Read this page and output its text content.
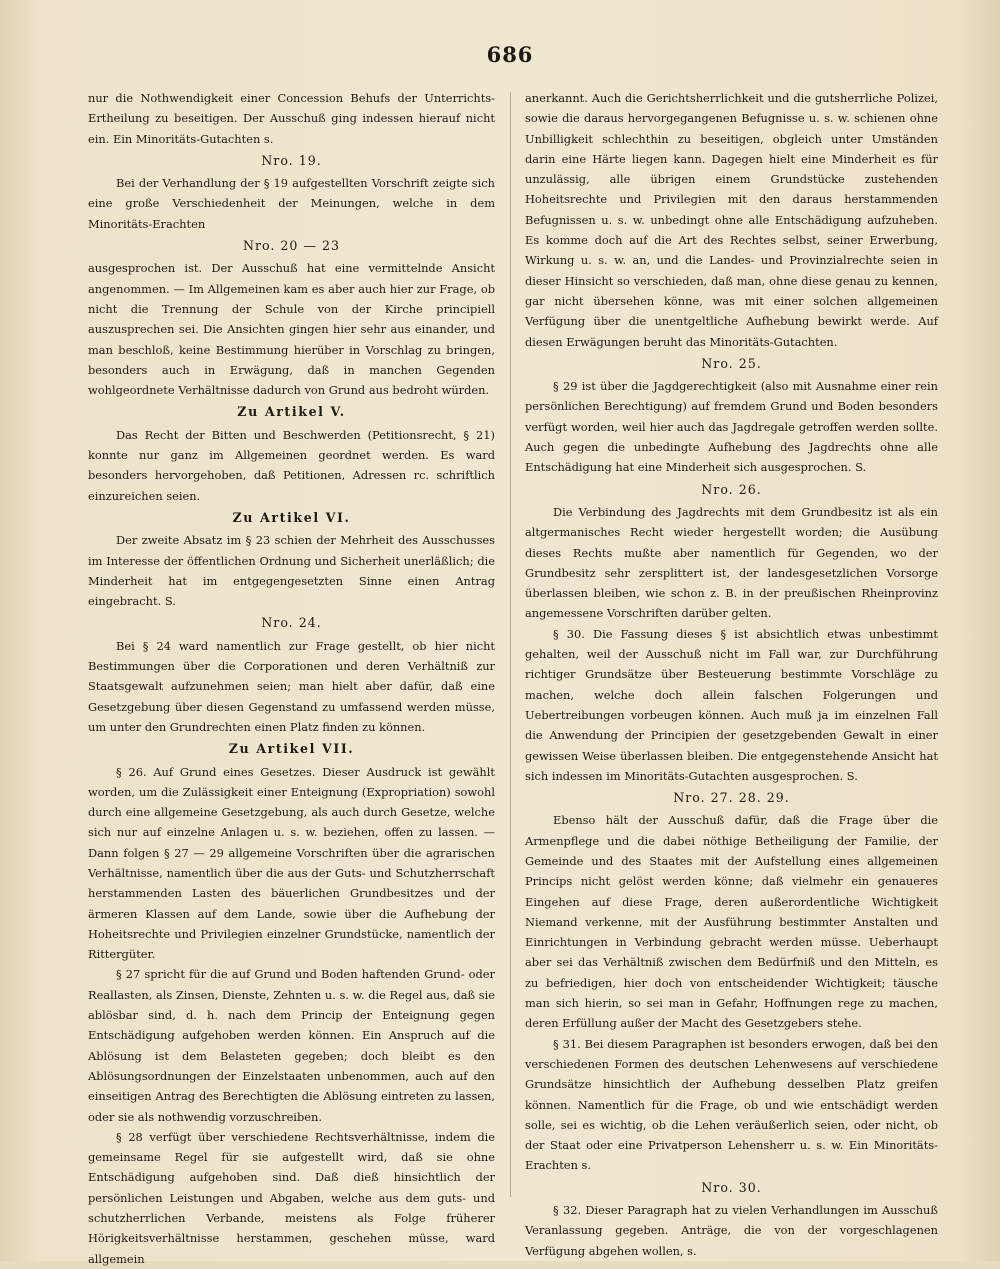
686

nur die Nothwendigkeit einer Concession Behufs der Unterrichts-Ertheilung zu beseitigen. Der Ausschuß ging indessen hierauf nicht ein. Ein Minoritäts-Gutachten s.

Nro. 19.

Bei der Verhandlung der § 19 aufgestellten Vorschrift zeigte sich eine große Verschiedenheit der Meinungen, welche in dem Minoritäts-Erachten

Nro. 20 — 23

ausgesprochen ist. Der Ausschuß hat eine vermittelnde Ansicht angenommen. — Im Allgemeinen kam es aber auch hier zur Frage, ob nicht die Trennung der Schule von der Kirche principiell auszusprechen sei. Die Ansichten gingen hier sehr aus einander, und man beschloß, keine Bestimmung hierüber in Vorschlag zu bringen, besonders auch in Erwägung, daß in manchen Gegenden wohlgeordnete Verhältnisse dadurch von Grund aus bedroht würden.

Zu Artikel V.

Das Recht der Bitten und Beschwerden (Petitionsrecht, § 21) konnte nur ganz im Allgemeinen geordnet werden. Es ward besonders hervorgehoben, daß Petitionen, Adressen rc. schriftlich einzureichen seien.

Zu Artikel VI.

Der zweite Absatz im § 23 schien der Mehrheit des Ausschusses im Interesse der öffentlichen Ordnung und Sicherheit unerläßlich; die Minderheit hat im entgegengesetzten Sinne einen Antrag eingebracht. S.

Nro. 24.

Bei § 24 ward namentlich zur Frage gestellt, ob hier nicht Bestimmungen über die Corporationen und deren Verhältniß zur Staatsgewalt aufzunehmen seien; man hielt aber dafür, daß eine Gesetzgebung über diesen Gegenstand zu umfassend werden müsse, um unter den Grundrechten einen Platz finden zu können.

Zu Artikel VII.

§ 26. Auf Grund eines Gesetzes. Dieser Ausdruck ist gewählt worden, um die Zulässigkeit einer Enteignung (Expropriation) sowohl durch eine allgemeine Gesetzgebung, als auch durch Gesetze, welche sich nur auf einzelne Anlagen u. s. w. beziehen, offen zu lassen. — Dann folgen § 27 — 29 allgemeine Vorschriften über die agrarischen Verhältnisse, namentlich über die aus der Guts- und Schutzherrschaft herstammenden Lasten des bäuerlichen Grundbesitzes und der ärmeren Klassen auf dem Lande, sowie über die Aufhebung der Hoheitsrechte und Privilegien einzelner Grundstücke, namentlich der Rittergüter.

§ 27 spricht für die auf Grund und Boden haftenden Grund- oder Reallasten, als Zinsen, Dienste, Zehnten u. s. w. die Regel aus, daß sie ablösbar sind, d. h. nach dem Princip der Enteignung gegen Entschädigung aufgehoben werden können. Ein Anspruch auf die Ablösung ist dem Belasteten gegeben; doch bleibt es den Ablösungsordnungen der Einzelstaaten unbenommen, auch auf den einseitigen Antrag des Berechtigten die Ablösung eintreten zu lassen, oder sie als nothwendig vorzuschreiben.

§ 28 verfügt über verschiedene Rechtsverhältnisse, indem die gemeinsame Regel für sie aufgestellt wird, daß sie ohne Entschädigung aufgehoben sind. Daß dieß hinsichtlich der persönlichen Leistungen und Abgaben, welche aus dem guts- und schutzherrlichen Verbande, meistens als Folge früherer Hörigkeitsverhältnisse herstammen, geschehen müsse, ward allgemein

anerkannt. Auch die Gerichtsherrlichkeit und die gutsherrliche Polizei, sowie die daraus hervorgegangenen Befugnisse u. s. w. schienen ohne Unbilligkeit schlechthin zu beseitigen, obgleich unter Umständen darin eine Härte liegen kann. Dagegen hielt eine Minderheit es für unzulässig, alle übrigen einem Grundstücke zustehenden Hoheitsrechte und Privilegien mit den daraus herstammenden Befugnissen u. s. w. unbedingt ohne alle Entschädigung aufzuheben. Es komme doch auf die Art des Rechtes selbst, seiner Erwerbung, Wirkung u. s. w. an, und die Landes- und Provinzialrechte seien in dieser Hinsicht so verschieden, daß man, ohne diese genau zu kennen, gar nicht übersehen könne, was mit einer solchen allgemeinen Verfügung über die unentgeltliche Aufhebung bewirkt werde. Auf diesen Erwägungen beruht das Minoritäts-Gutachten.

Nro. 25.

§ 29 ist über die Jagdgerechtigkeit (also mit Ausnahme einer rein persönlichen Berechtigung) auf fremdem Grund und Boden besonders verfügt worden, weil hier auch das Jagdregale getroffen werden sollte. Auch gegen die unbedingte Aufhebung des Jagdrechts ohne alle Entschädigung hat eine Minderheit sich ausgesprochen. S.

Nro. 26.

Die Verbindung des Jagdrechts mit dem Grundbesitz ist als ein altgermanisches Recht wieder hergestellt worden; die Ausübung dieses Rechts mußte aber namentlich für Gegenden, wo der Grundbesitz sehr zersplittert ist, der landesgesetzlichen Vorsorge überlassen bleiben, wie schon z. B. in der preußischen Rheinprovinz angemessene Vorschriften darüber gelten.

§ 30. Die Fassung dieses § ist absichtlich etwas unbestimmt gehalten, weil der Ausschuß nicht im Fall war, zur Durchführung richtiger Grundsätze über Besteuerung bestimmte Vorschläge zu machen, welche doch allein falschen Folgerungen und Uebertreibungen vorbeugen können. Auch muß ja im einzelnen Fall die Anwendung der Principien der gesetzgebenden Gewalt in einer gewissen Weise überlassen bleiben. Die entgegenstehende Ansicht hat sich indessen im Minoritäts-Gutachten ausgesprochen. S.

Nro. 27. 28. 29.

Ebenso hält der Ausschuß dafür, daß die Frage über die Armenpflege und die dabei nöthige Betheiligung der Familie, der Gemeinde und des Staates mit der Aufstellung eines allgemeinen Princips nicht gelöst werden könne; daß vielmehr ein genaueres Eingehen auf diese Frage, deren außerordentliche Wichtigkeit Niemand verkenne, mit der Ausführung bestimmter Anstalten und Einrichtungen in Verbindung gebracht werden müsse. Ueberhaupt aber sei das Verhältniß zwischen dem Bedürfniß und den Mitteln, es zu befriedigen, hier doch von entscheidender Wichtigkeit; täusche man sich hierin, so sei man in Gefahr, Hoffnungen rege zu machen, deren Erfüllung außer der Macht des Gesetzgebers stehe.

§ 31. Bei diesem Paragraphen ist besonders erwogen, daß bei den verschiedenen Formen des deutschen Lehenwesens auf verschiedene Grundsätze hinsichtlich der Aufhebung desselben Platz greifen können. Namentlich für die Frage, ob und wie entschädigt werden solle, sei es wichtig, ob die Lehen veräußerlich seien, oder nicht, ob der Staat oder eine Privatperson Lehensherr u. s. w. Ein Minoritäts-Erachten s.

Nro. 30.

§ 32. Dieser Paragraph hat zu vielen Verhandlungen im Ausschuß Veranlassung gegeben. Anträge, die von der vorgeschlagenen Verfügung abgehen wollen, s.
